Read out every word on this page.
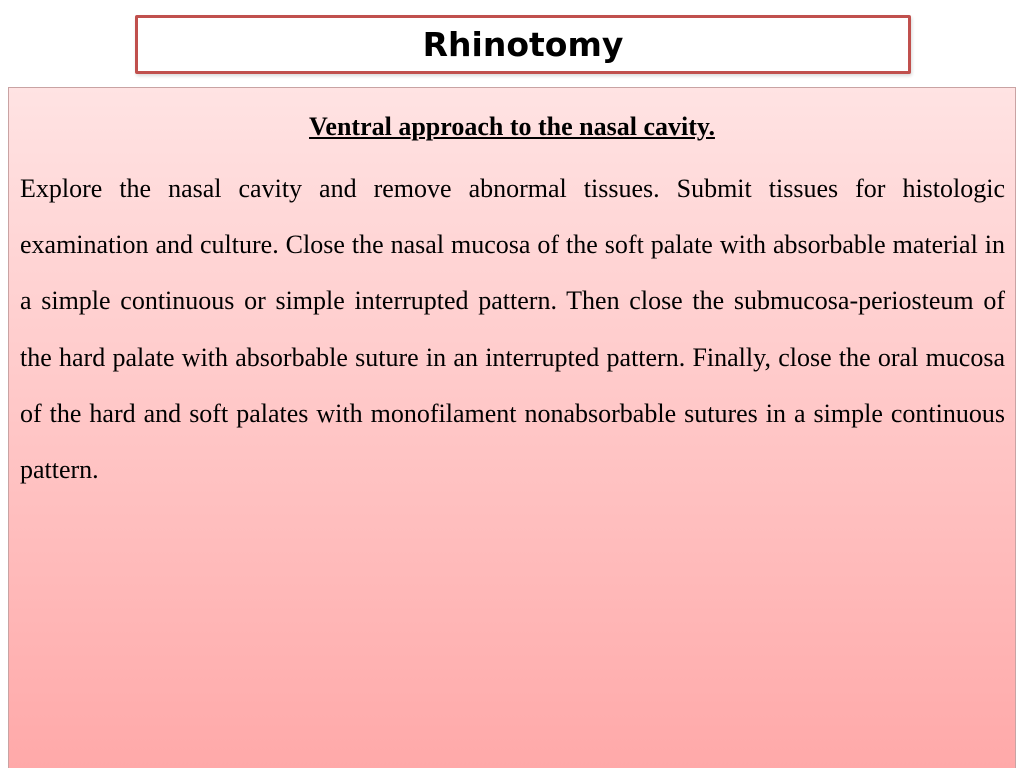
Rhinotomy
Ventral approach to the nasal cavity.

Explore the nasal cavity and remove abnormal tissues. Submit tissues for histologic examination and culture. Close the nasal mucosa of the soft palate with absorbable material in a simple continuous or simple interrupted pattern. Then close the submucosa-periosteum of the hard palate with absorbable suture in an interrupted pattern. Finally, close the oral mucosa of the hard and soft palates with monofilament nonabsorbable sutures in a simple continuous pattern.
